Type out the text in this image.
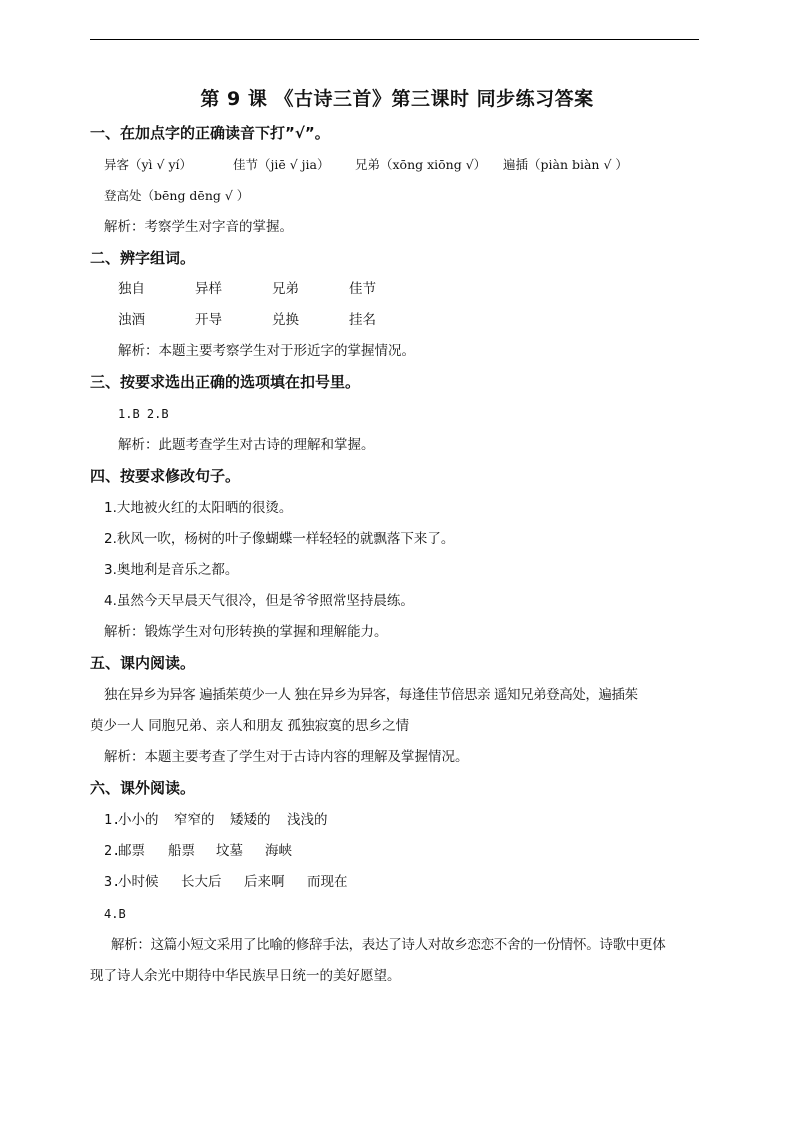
第 9 课 《古诗三首》第三课时 同步练习答案
一、在加点字的正确读音下打”√”。
异客（yì √ yí）	佳节（jiē √ jia） 兄弟（xōng xiōng √） 遍插（piàn biàn √ ）
登高处（bēng dēng √ ）
解析：考察学生对字音的掌握。
二、辨字组词。
独自	异样	兄弟	佳节
浊酒	开导	兑换	挂名
解析：本题主要考察学生对于形近字的掌握情况。
三、按要求选出正确的选项填在扣号里。
1.B 2.B
解析：此题考查学生对古诗的理解和掌握。
四、按要求修改句子。
1.大地被火红的太阳晒的很烫。
2.秋风一吹，杨树的叶子像蝴蝶一样轻轻的就飘落下来了。
3.奥地利是音乐之都。
4.虽然今天早晨天气很冷，但是爷爷照常坚持晨练。
解析：锻炼学生对句形转换的掌握和理解能力。
五、课内阅读。
独在异乡为异客 遍插茱萸少一人 独在异乡为异客，每逢佳节倍思亲 遥知兄弟登高处，遍插茱
萸少一人 同胞兄弟、亲人和朋友 孤独寂寞的思乡之情
解析：本题主要考查了学生对于古诗内容的理解及掌握情况。
六、课外阅读。
1.
小小的 窄窄的 矮矮的 浅浅的
2.
邮票 船票 坟墓 海峡
3.
小时候 长大后 后来啊 而现在
4.B
解析：这篇小短文采用了比喻的修辞手法，表达了诗人对故乡恋恋不舍的一份情怀。诗歌中更体
现了诗人余光中期待中华民族早日统一的美好愿望。
